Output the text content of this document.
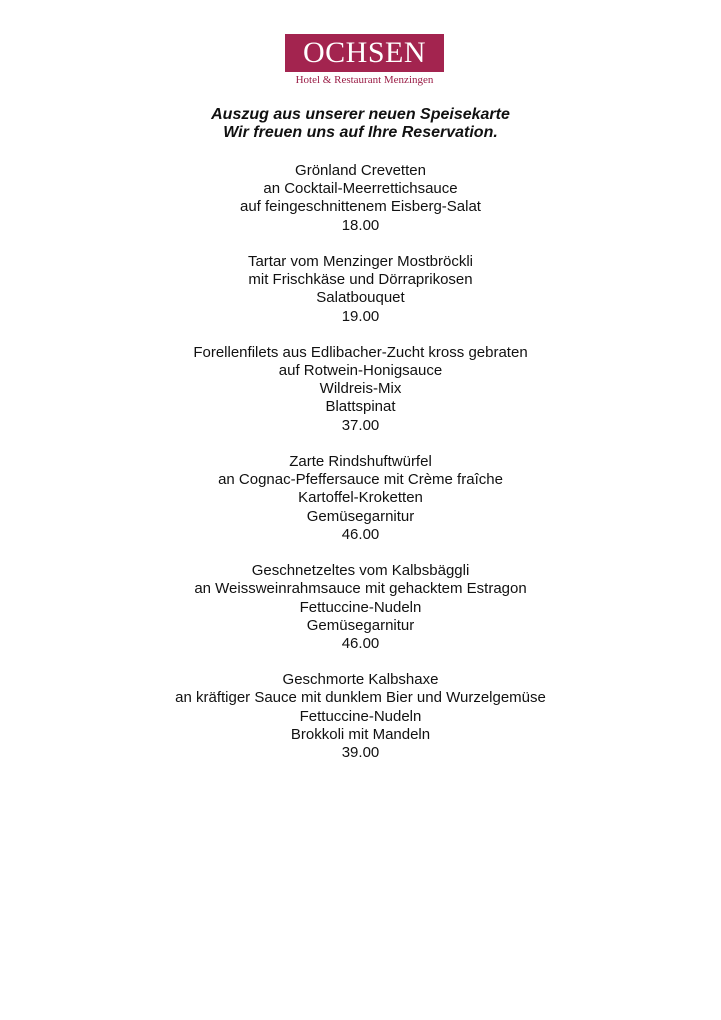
OCHSEN
Hotel & Restaurant Menzingen
Auszug aus unserer neuen Speisekarte
Wir freuen uns auf Ihre Reservation.
Grönland Crevetten
an Cocktail-Meerrettichsauce
auf feingeschnittenem Eisberg-Salat
18.00
Tartar vom Menzinger Mostbröckli
mit Frischkäse und Dörraprikosen
Salatbouquet
19.00
Forellenfilets aus Edlibacher-Zucht kross gebraten
auf Rotwein-Honigsauce
Wildreis-Mix
Blattspinat
37.00
Zarte Rindshuftwürfel
an Cognac-Pfeffersauce mit Crème fraîche
Kartoffel-Kroketten
Gemüsegarnitur
46.00
Geschnetzeltes vom Kalbsbäggli
an Weissweinrahmsauce mit gehacktem Estragon
Fettuccine-Nudeln
Gemüsegarnitur
46.00
Geschmorte Kalbshaxe
an kräftiger Sauce mit dunklem Bier und Wurzelgemüse
Fettuccine-Nudeln
Brokkoli mit Mandeln
39.00
